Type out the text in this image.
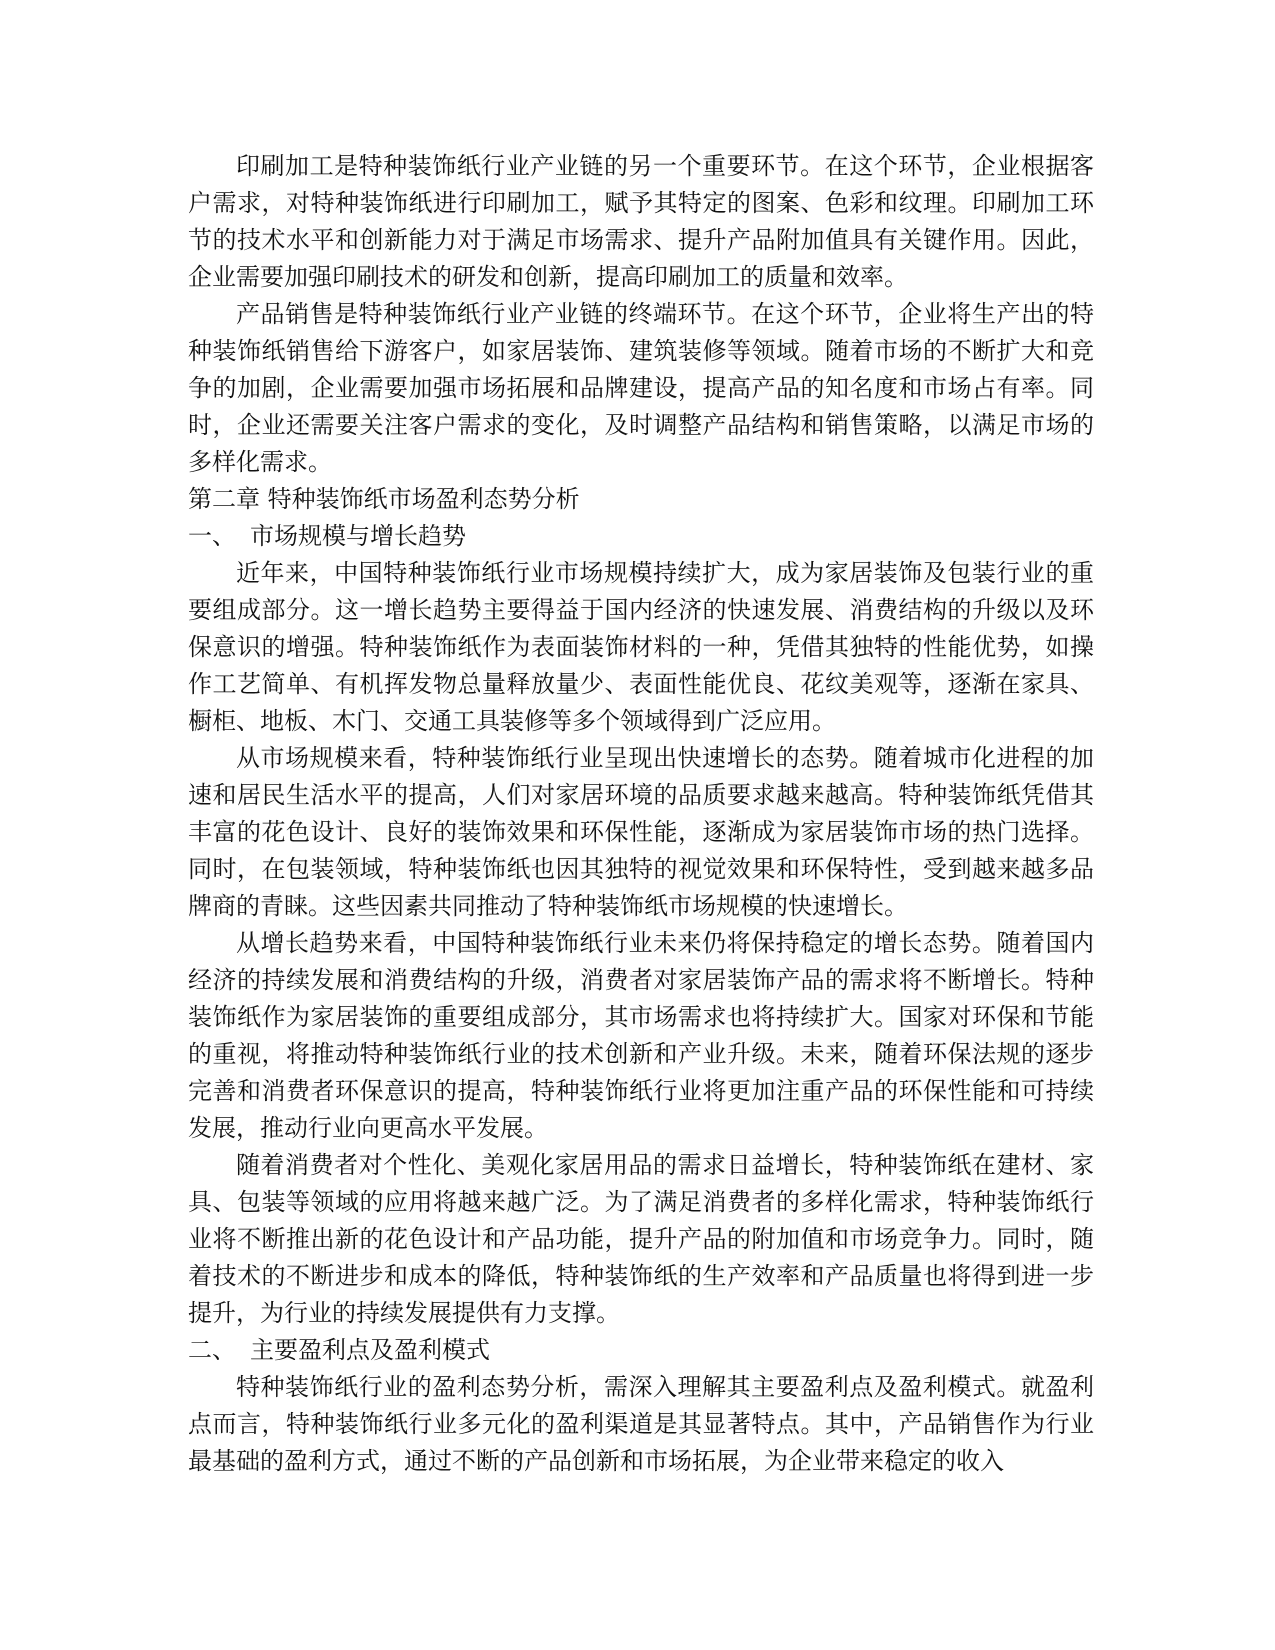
印刷加工是特种装饰纸行业产业链的另一个重要环节。在这个环节，企业根据客户需求，对特种装饰纸进行印刷加工，赋予其特定的图案、色彩和纹理。印刷加工环节的技术水平和创新能力对于满足市场需求、提升产品附加值具有关键作用。因此，企业需要加强印刷技术的研发和创新，提高印刷加工的质量和效率。

产品销售是特种装饰纸行业产业链的终端环节。在这个环节，企业将生产出的特种装饰纸销售给下游客户，如家居装饰、建筑装修等领域。随着市场的不断扩大和竞争的加剧，企业需要加强市场拓展和品牌建设，提高产品的知名度和市场占有率。同时，企业还需要关注客户需求的变化，及时调整产品结构和销售策略，以满足市场的多样化需求。

第二章 特种装饰纸市场盈利态势分析

一、 市场规模与增长趋势

近年来，中国特种装饰纸行业市场规模持续扩大，成为家居装饰及包装行业的重要组成部分。这一增长趋势主要得益于国内经济的快速发展、消费结构的升级以及环保意识的增强。特种装饰纸作为表面装饰材料的一种，凭借其独特的性能优势，如操作工艺简单、有机挥发物总量释放量少、表面性能优良、花纹美观等，逐渐在家具、橱柜、地板、木门、交通工具装修等多个领域得到广泛应用。

从市场规模来看，特种装饰纸行业呈现出快速增长的态势。随着城市化进程的加速和居民生活水平的提高，人们对家居环境的品质要求越来越高。特种装饰纸凭借其丰富的花色设计、良好的装饰效果和环保性能，逐渐成为家居装饰市场的热门选择。同时，在包装领域，特种装饰纸也因其独特的视觉效果和环保特性，受到越来越多品牌商的青睐。这些因素共同推动了特种装饰纸市场规模的快速增长。

从增长趋势来看，中国特种装饰纸行业未来仍将保持稳定的增长态势。随着国内经济的持续发展和消费结构的升级，消费者对家居装饰产品的需求将不断增长。特种装饰纸作为家居装饰的重要组成部分，其市场需求也将持续扩大。国家对环保和节能的重视，将推动特种装饰纸行业的技术创新和产业升级。未来，随着环保法规的逐步完善和消费者环保意识的提高，特种装饰纸行业将更加注重产品的环保性能和可持续发展，推动行业向更高水平发展。

随着消费者对个性化、美观化家居用品的需求日益增长，特种装饰纸在建材、家具、包装等领域的应用将越来越广泛。为了满足消费者的多样化需求，特种装饰纸行业将不断推出新的花色设计和产品功能，提升产品的附加值和市场竞争力。同时，随着技术的不断进步和成本的降低，特种装饰纸的生产效率和产品质量也将得到进一步提升，为行业的持续发展提供有力支撑。

二、 主要盈利点及盈利模式

特种装饰纸行业的盈利态势分析，需深入理解其主要盈利点及盈利模式。就盈利点而言，特种装饰纸行业多元化的盈利渠道是其显著特点。其中，产品销售作为行业最基础的盈利方式，通过不断的产品创新和市场拓展，为企业带来稳定的收入
